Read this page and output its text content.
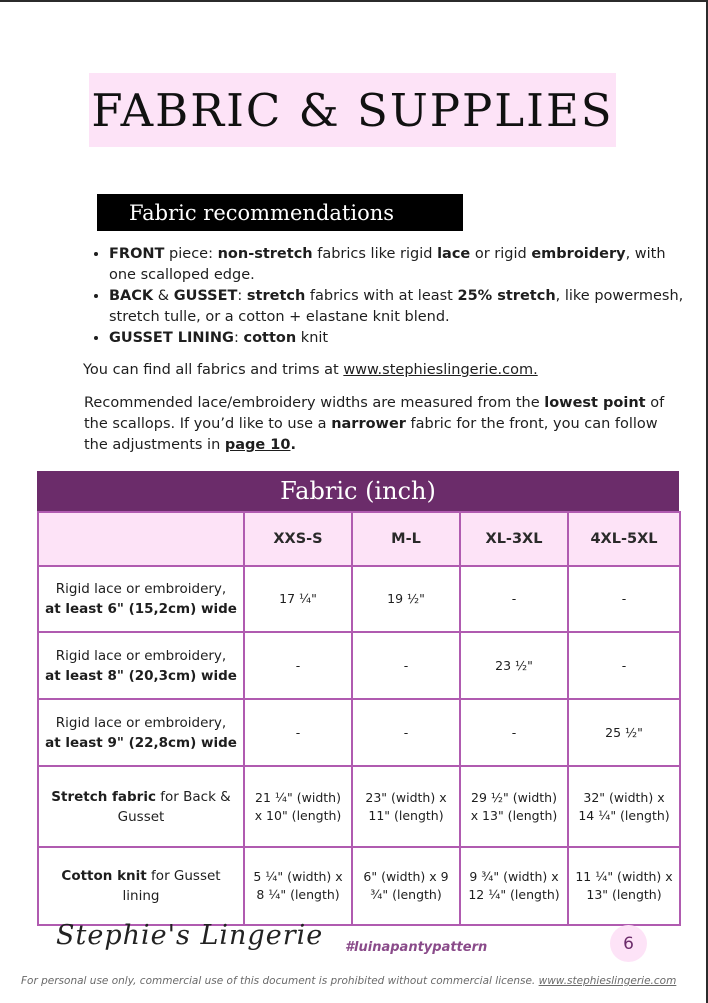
FABRIC & SUPPLIES
Fabric recommendations
• FRONT piece: non-stretch fabrics like rigid lace or rigid embroidery, with one scalloped edge.
• BACK & GUSSET: stretch fabrics with at least 25% stretch, like powermesh, stretch tulle, or a cotton + elastane knit blend.
• GUSSET LINING: cotton knit
You can find all fabrics and trims at www.stephieslingerie.com.
Recommended lace/embroidery widths are measured from the lowest point of the scallops. If you’d like to use a narrower fabric for the front, you can follow the adjustments in page 10.
Fabric (inch)
	XXS-S	M-L	XL-3XL	4XL-5XL
Rigid lace or embroidery,
at least 6" (15,2cm) wide	17 ¼"	19 ½"	-	-
Rigid lace or embroidery,
at least 8" (20,3cm) wide	-	-	23 ½"	-
Rigid lace or embroidery,
at least 9" (22,8cm) wide	-	-	-	25 ½"
Stretch fabric for Back & Gusset	21 ¼" (width) x 10" (length)	23" (width) x 11" (length)	29 ½" (width) x 13" (length)	32" (width) x 14 ¼" (length)
Cotton knit for Gusset lining	5 ¼" (width) x 8 ¼" (length)	6" (width) x 9 ¾" (length)	9 ¾" (width) x 12 ¼" (length)	11 ¼" (width) x 13" (length)
Stephie's Lingerie #luinapantypattern	6
For personal use only, commercial use of this document is prohibited without commercial license. www.stephieslingerie.com
